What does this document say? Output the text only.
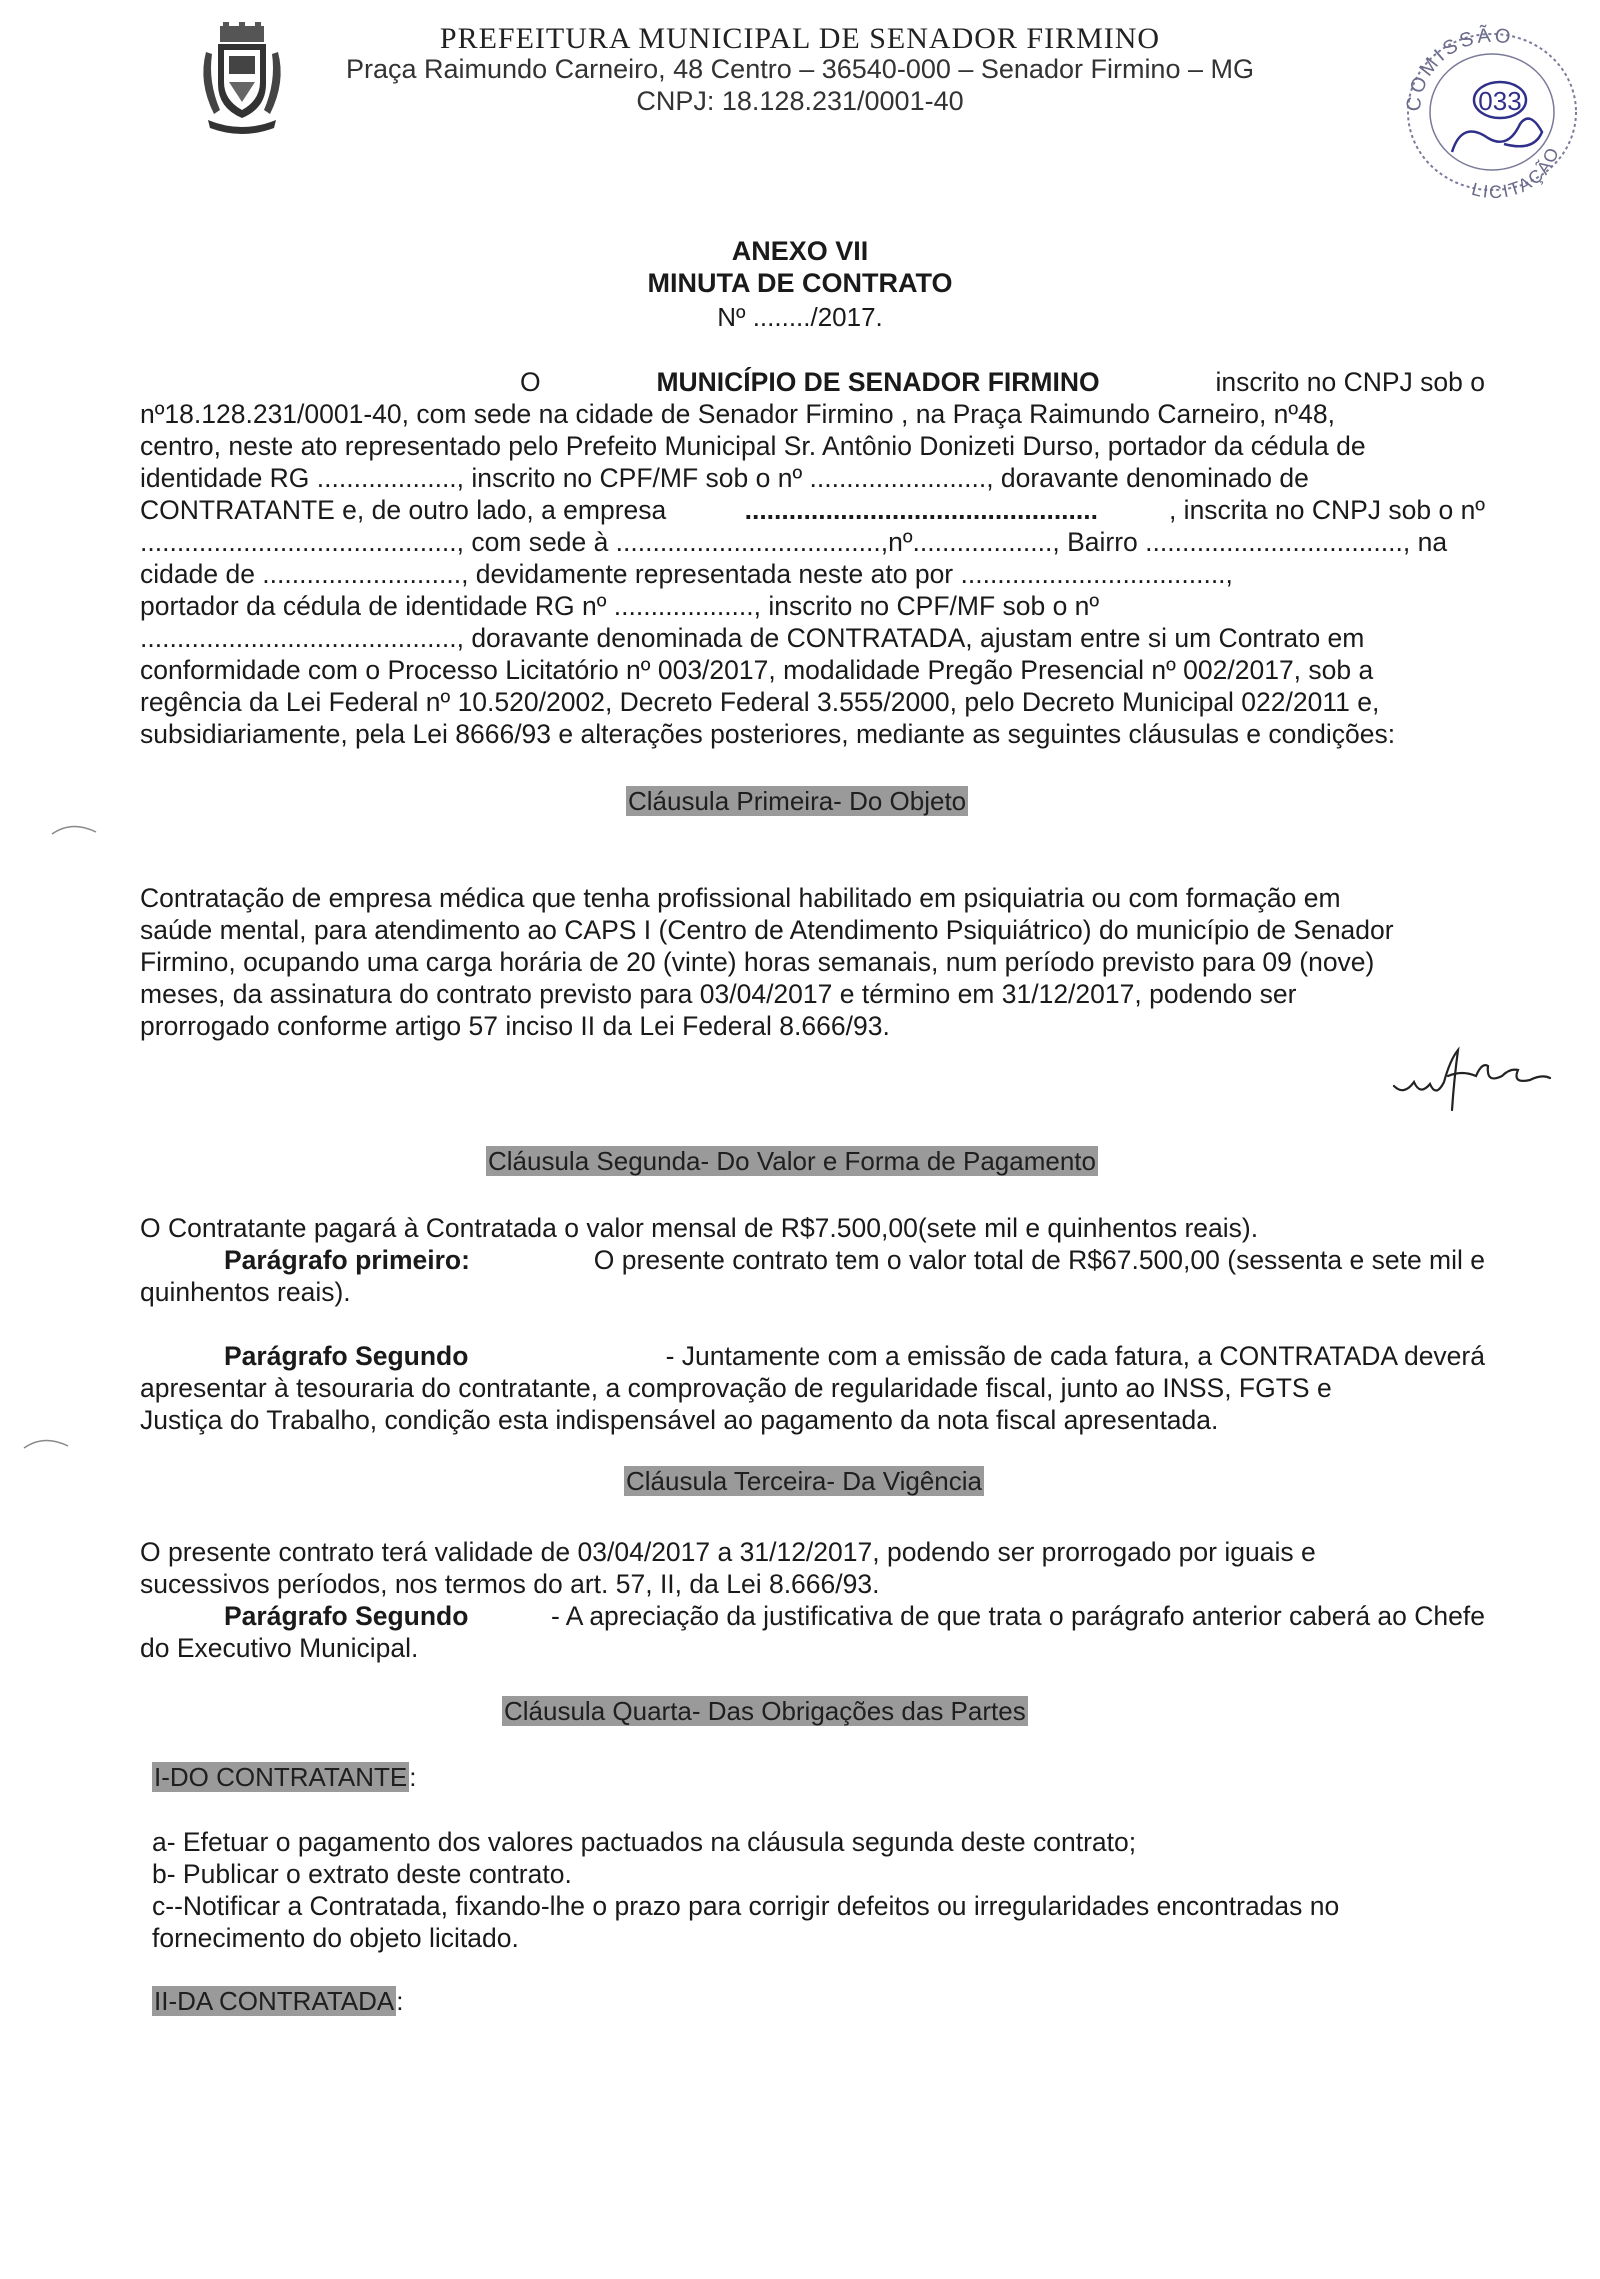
PREFEITURA MUNICIPAL DE SENADOR FIRMINO
Praça Raimundo Carneiro, 48 Centro – 36540-000 – Senador Firmino – MG
CNPJ: 18.128.231/0001-40	COMISSÃO
LICITAÇÃO
033
ANEXO VII
MINUTA DE CONTRATO
Nº ......../2017.
O	MUNICÍPIO DE SENADOR FIRMINO	inscrito no CNPJ sob o
nº18.128.231/0001-40, com sede na cidade de Senador Firmino , na Praça Raimundo Carneiro, nº48,
centro, neste ato representado pelo Prefeito Municipal Sr. Antônio Donizeti Durso, portador da cédula de
identidade RG ..................., inscrito no CPF/MF sob o nº ........................, doravante denominado de
CONTRATANTE e, de outro lado, a empresa	................................................	, inscrita no CNPJ sob o nº
..........................................., com sede à ....................................,nº..................., Bairro ..................................., na
cidade de ..........................., devidamente representada neste ato por ....................................,
portador da cédula de identidade RG nº ..................., inscrito no CPF/MF sob o nº
..........................................., doravante denominada de CONTRATADA, ajustam entre si um Contrato em
conformidade com o Processo Licitatório nº 003/2017, modalidade Pregão Presencial nº 002/2017, sob a
regência da Lei Federal nº 10.520/2002, Decreto Federal 3.555/2000, pelo Decreto Municipal 022/2011 e,
subsidiariamente, pela Lei 8666/93 e alterações posteriores, mediante as seguintes cláusulas e condições:
Cláusula Primeira- Do Objeto
Contratação de empresa médica que tenha profissional habilitado em psiquiatria ou com formação em
saúde mental, para atendimento ao CAPS I (Centro de Atendimento Psiquiátrico) do município de Senador
Firmino, ocupando uma carga horária de 20 (vinte) horas semanais, num período previsto para 09 (nove)
meses, da assinatura do contrato previsto para 03/04/2017 e término em 31/12/2017, podendo ser
prorrogado conforme artigo 57 inciso II da Lei Federal 8.666/93.
Cláusula Segunda- Do Valor e Forma de Pagamento
O Contratante pagará à Contratada o valor mensal de R$7.500,00(sete mil e quinhentos reais).
Parágrafo primeiro:	O presente contrato tem o valor total de R$67.500,00 (sessenta e sete mil e
quinhentos reais).
Parágrafo Segundo	- Juntamente com a emissão de cada fatura, a CONTRATADA deverá
apresentar à tesouraria do contratante, a comprovação de regularidade fiscal, junto ao INSS, FGTS e
Justiça do Trabalho, condição esta indispensável ao pagamento da nota fiscal apresentada.
Cláusula Terceira- Da Vigência
O presente contrato terá validade de 03/04/2017 a 31/12/2017, podendo ser prorrogado por iguais e
sucessivos períodos, nos termos do art. 57, II, da Lei 8.666/93.
Parágrafo Segundo	- A apreciação da justificativa de que trata o parágrafo anterior caberá ao Chefe
do Executivo Municipal.
Cláusula Quarta- Das Obrigações das Partes
I-DO CONTRATANTE:
a- Efetuar o pagamento dos valores pactuados na cláusula segunda deste contrato;
b- Publicar o extrato deste contrato.
c--Notificar a Contratada, fixando-lhe o prazo para corrigir defeitos ou irregularidades encontradas no
fornecimento do objeto licitado.
II-DA CONTRATADA:
